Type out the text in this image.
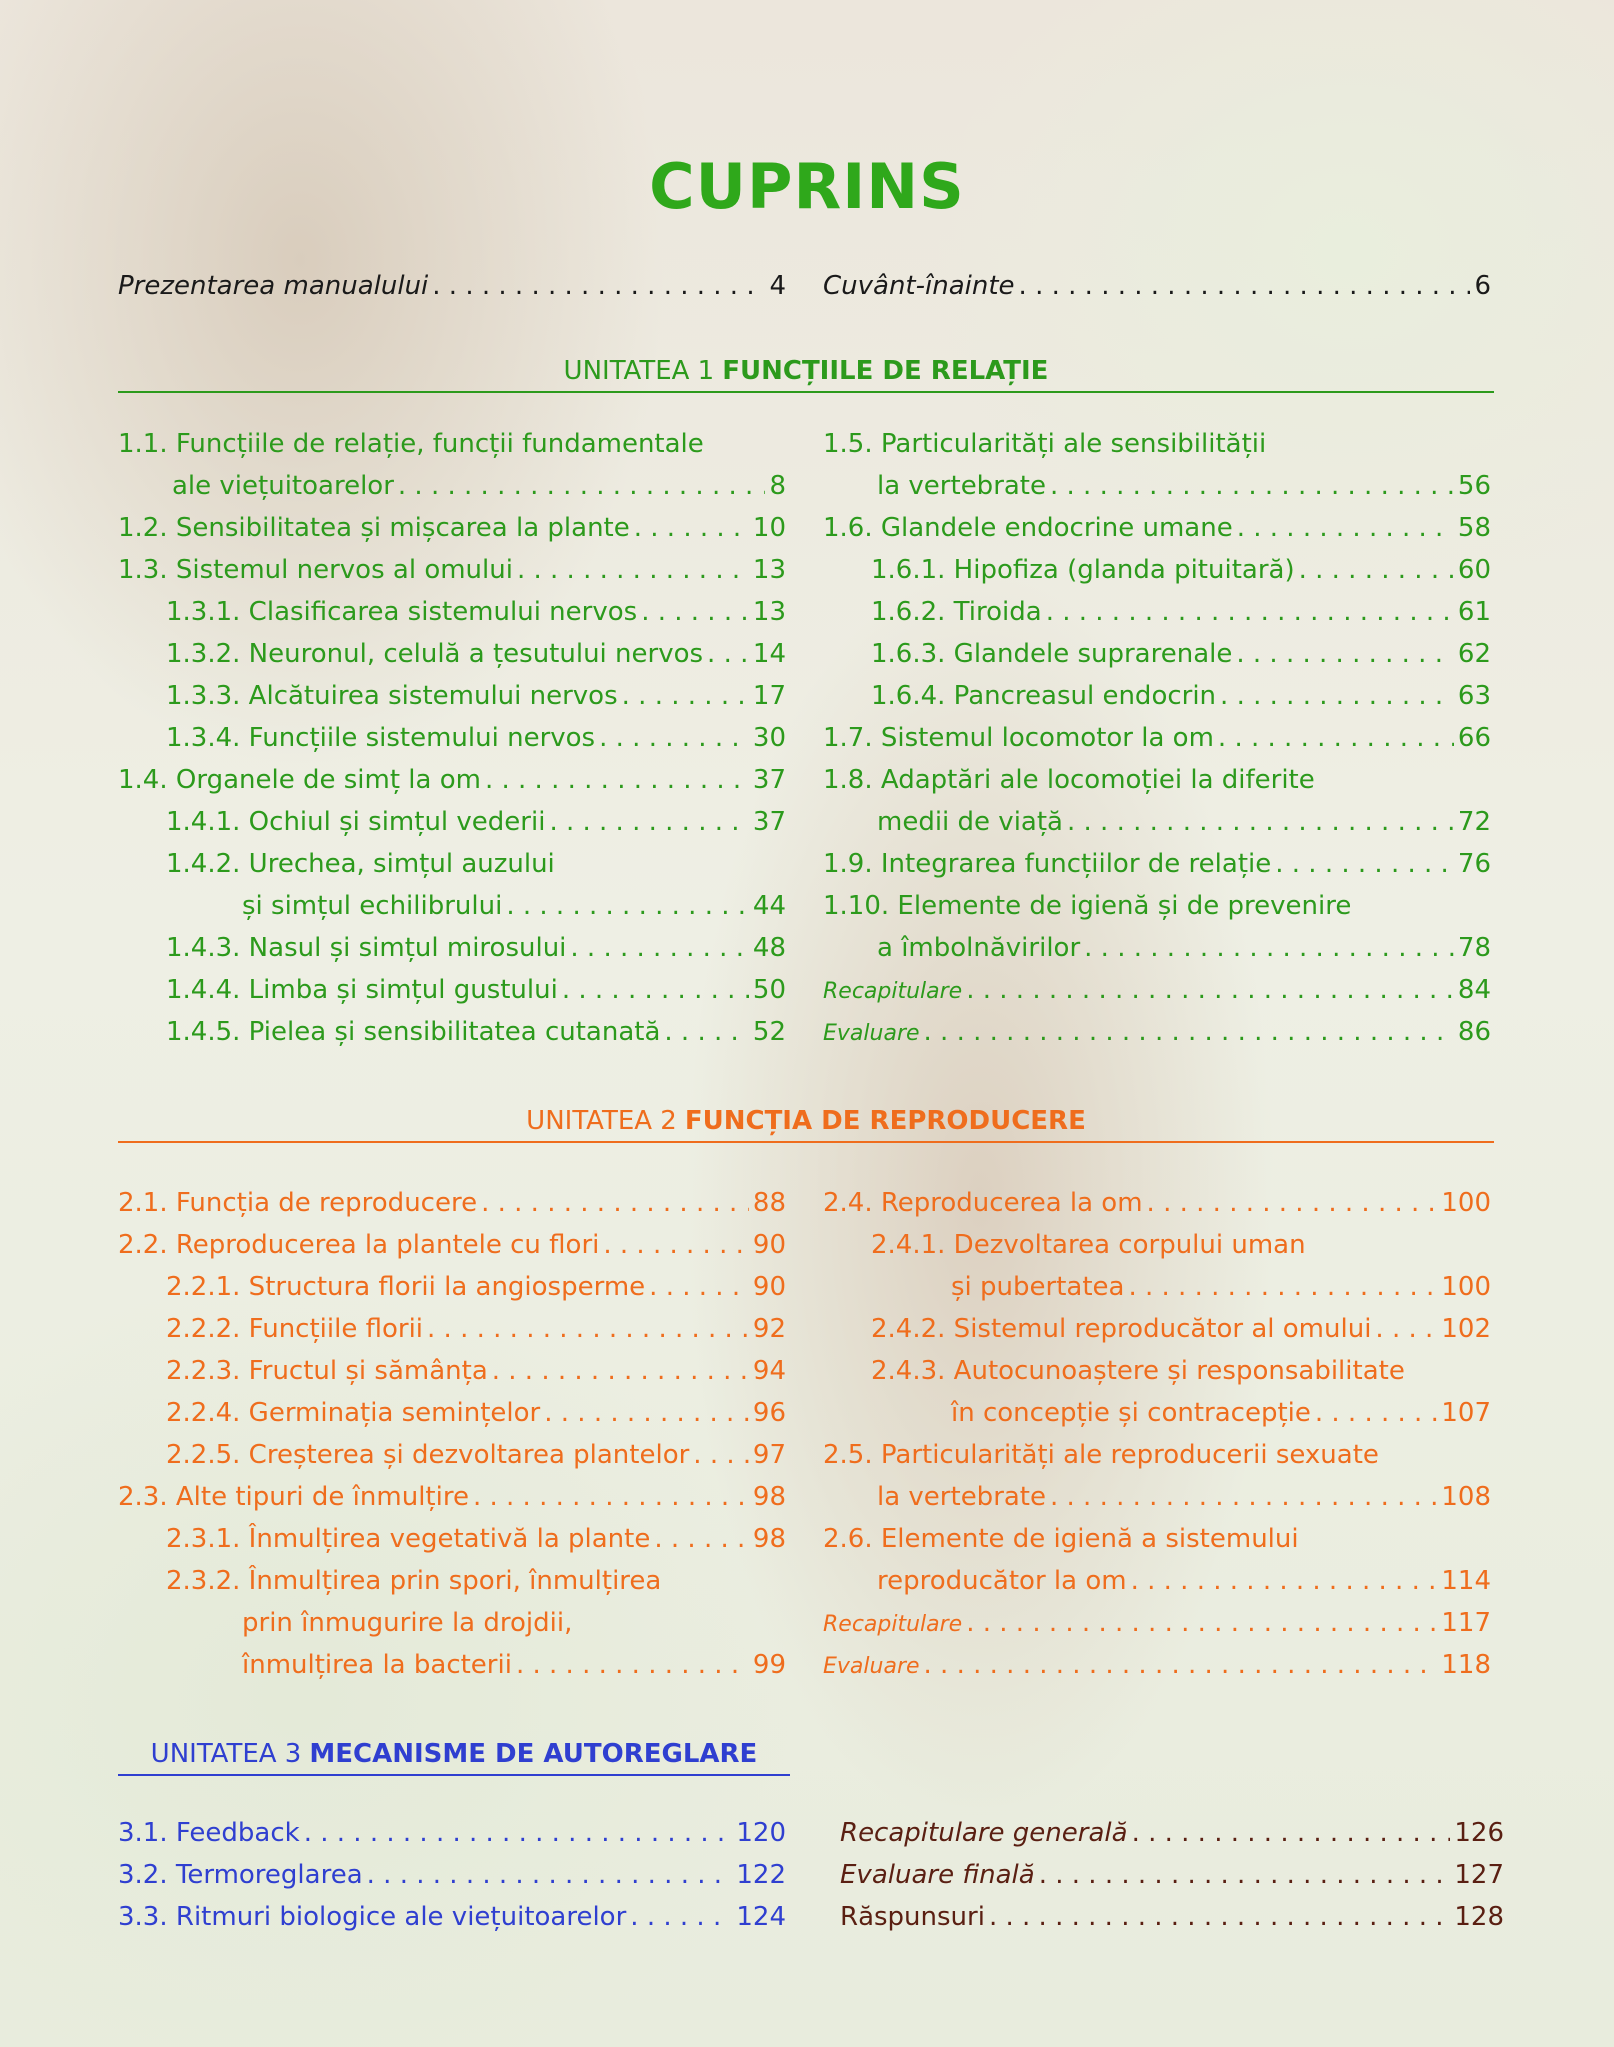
CUPRINS
Prezentarea manualului . . .	4 Cuvânt-înainte . . .	6
UNITATEA 1 FUNCȚIILE DE RELAȚIE
1.1. Funcțiile de relație, funcții fundamentale
ale viețuitoarelor . . .	8
1.2. Sensibilitatea și mișcarea la plante . . .	10
1.3. Sistemul nervos al omului . . .	13
1.3.1. Clasificarea sistemului nervos . . .	13
1.3.2. Neuronul, celulă a țesutului nervos . . . 14
1.3.3. Alcătuirea sistemului nervos . . .	17
1.3.4. Funcțiile sistemului nervos . . .	30
1.4. Organele de simț la om . . .	37
1.4.1. Ochiul și simțul vederii . . .	37
1.4.2. Urechea, simțul auzului
și simțul echilibrului . . .	44
1.4.3. Nasul și simțul mirosului . . .	48
1.4.4. Limba și simțul gustului . . .	50
1.4.5. Pielea și sensibilitatea cutanată . . .	52
1.5. Particularități ale sensibilității
la vertebrate . . .	56
1.6. Glandele endocrine umane . . .	58
1.6.1. Hipofiza (glanda pituitară) . . .	60
1.6.2. Tiroida . . .	61
1.6.3. Glandele suprarenale . . .	62
1.6.4. Pancreasul endocrin . . .	63
1.7. Sistemul locomotor la om . . .	66
1.8. Adaptări ale locomoției la diferite
medii de viață . . .	72
1.9. Integrarea funcțiilor de relație . . .	76
1.10. Elemente de igienă și de prevenire
a îmbolnăvirilor . . .	78
Recapitulare . . .	84
Evaluare . . .	86
UNITATEA 2 FUNCȚIA DE REPRODUCERE
2.1. Funcția de reproducere . . .	88
2.2. Reproducerea la plantele cu flori . . .	90
2.2.1. Structura florii la angiosperme . . .	90
2.2.2. Funcțiile florii . . .	92
2.2.3. Fructul și sămânța . . .	94
2.2.4. Germinația semințelor . . .	96
2.2.5. Creșterea și dezvoltarea plantelor . . . 97
2.3. Alte tipuri de înmulțire . . .	98
2.3.1. Înmulțirea vegetativă la plante . . .	98
2.3.2. Înmulțirea prin spori, înmulțirea
prin înmugurire la drojdii,
înmulțirea la bacterii . . .	99
2.4. Reproducerea la om . . .	100
2.4.1. Dezvoltarea corpului uman
și pubertatea . . .	100
2.4.2. Sistemul reproducător al omului . . .	102
2.4.3. Autocunoaștere și responsabilitate
în concepție și contracepție . . .	107
2.5. Particularități ale reproducerii sexuate
la vertebrate . . .	108
2.6. Elemente de igienă a sistemului
reproducător la om . . .	114
Recapitulare . . .	117
Evaluare . . .	118
UNITATEA 3 MECANISME DE AUTOREGLARE
3.1. Feedback . . .	120
3.2. Termoreglarea . . .	122
3.3. Ritmuri biologice ale viețuitoarelor . . .	124
Recapitulare generală . . .	126
Evaluare finală . . .	127
Răspunsuri . . .	128
